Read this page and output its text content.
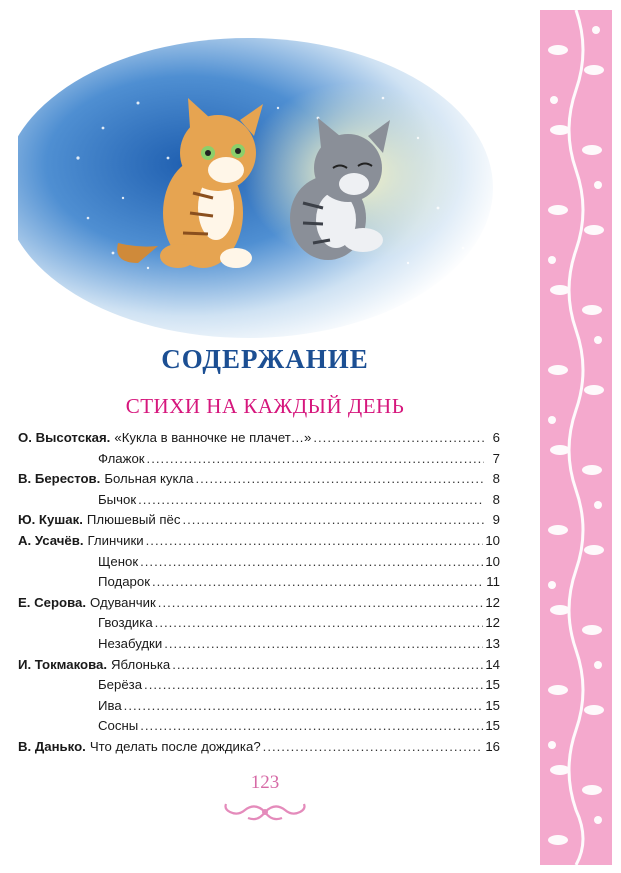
СОДЕРЖАНИЕ
СТИХИ НА КАЖДЫЙ ДЕНЬ
О. Высотская. «Кукла в ванночке не плачет…» .....	6
Флажок .....	7
В. Берестов. Больная кукла .....	8
Бычок .....	8
Ю. Кушак. Плюшевый пёс .....	9
А. Усачёв. Глинчики .....	10
Щенок .....	10
Подарок .....	11
Е. Серова. Одуванчик .....	12
Гвоздика .....	12
Незабудки .....	13
И. Токмакова. Яблонька .....	14
Берёза .....	15
Ива .....	15
Сосны .....	15
В. Данько. Что делать после дождика? .....	16
123
